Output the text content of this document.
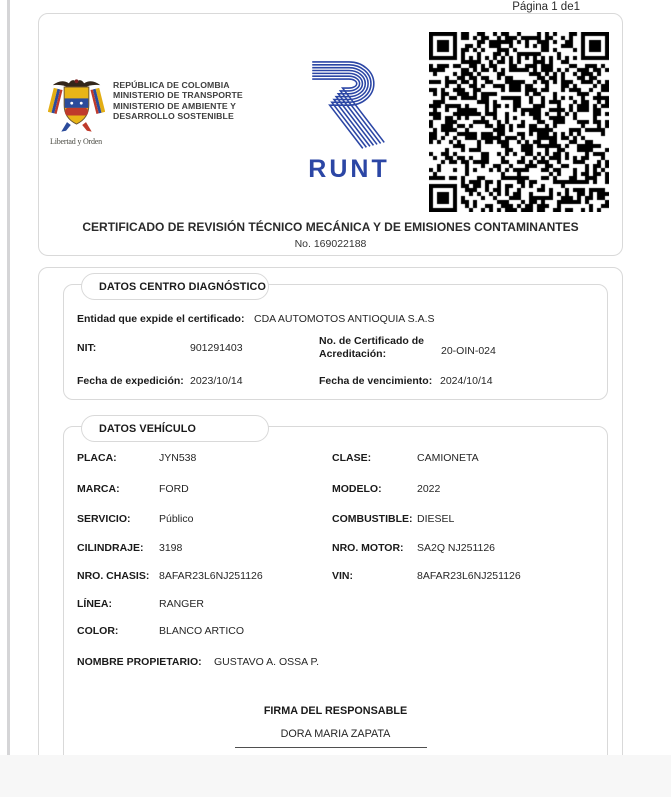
Página 1 de1
Libertad y Orden
REPÚBLICA DE COLOMBIA
MINISTERIO DE TRANSPORTE
MINISTERIO DE AMBIENTE Y
DESARROLLO SOSTENIBLE
RUNT
CERTIFICADO DE REVISIÓN TÉCNICO MECÁNICA Y DE EMISIONES CONTAMINANTES
No. 169022188
DATOS CENTRO DIAGNÓSTICO
Entidad que expide el certificado: CDA AUTOMOTOS ANTIOQUIA S.A.S
NIT:	901291403
No. de Certificado de Acreditación:	20-OIN-024
Fecha de expedición: 2023/10/14	Fecha de vencimiento: 2024/10/14
DATOS VEHÍCULO
PLACA:	JYN538	CLASE:	CAMIONETA
MARCA:	FORD	MODELO:	2022
SERVICIO:	Público	COMBUSTIBLE: DIESEL
CILINDRAJE: 3198	NRO. MOTOR: SA2Q NJ251126
NRO. CHASIS: 8AFAR23L6NJ251126	VIN:	8AFAR23L6NJ251126
LÍNEA:	RANGER
COLOR:	BLANCO ARTICO
NOMBRE PROPIETARIO: GUSTAVO A. OSSA P.
FIRMA DEL RESPONSABLE
DORA MARIA ZAPATA
